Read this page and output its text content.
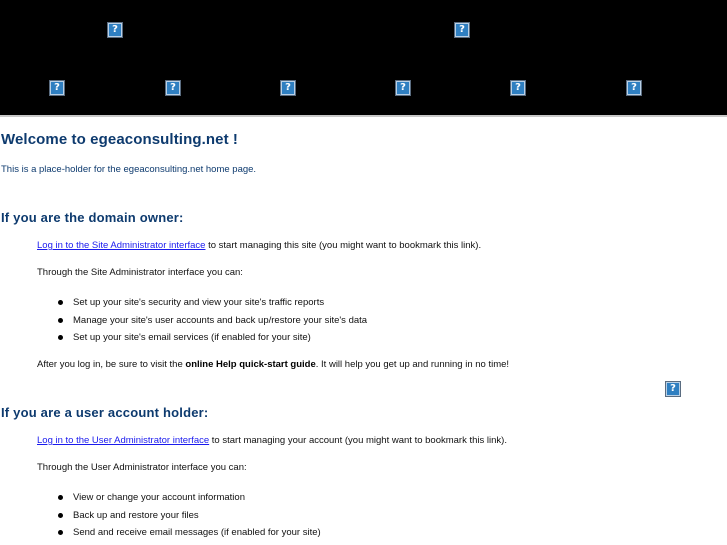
?	?
?	?	?	?	?	?
Welcome to egeaconsulting.net !
This is a place-holder for the egeaconsulting.net home page.
If you are the domain owner:
Log in to the Site Administrator interface to start managing this site (you might want to bookmark this link).
Through the Site Administrator interface you can:
Set up your site's security and view your site's traffic reports
Manage your site's user accounts and back up/restore your site's data
Set up your site's email services (if enabled for your site)
After you log in, be sure to visit the online Help quick-start guide. It will help you get up and running in no time!
?
If you are a user account holder:
Log in to the User Administrator interface to start managing your account (you might want to bookmark this link).
Through the User Administrator interface you can:
View or change your account information
Back up and restore your files
Send and receive email messages (if enabled for your site)
